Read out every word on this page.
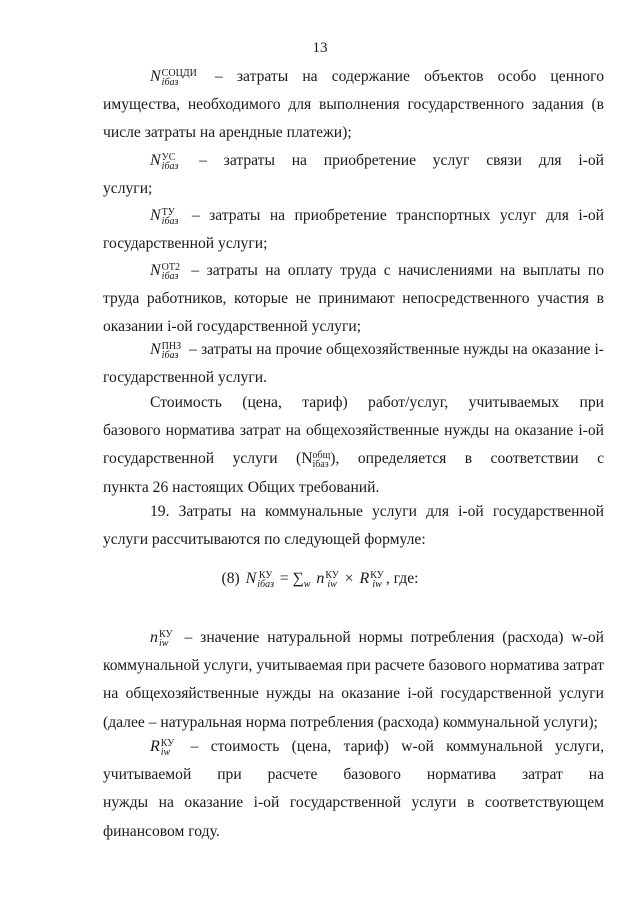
13
N СОЦДИ
iбаз	– затраты на содержание объектов особо ценного
имущества, необходимого для выполнения государственного задания (в
числе затраты на арендные платежи);
N УС
iбаз – затраты на приобретение услуг связи для i-ой
услуги;
N ТУ
iбаз – затраты на приобретение транспортных услуг для i-ой
государственной услуги;
N ОТ2
iбаз – затраты на оплату труда с начислениями на выплаты по
труда работников, которые не принимают непосредственного участия в
оказании i-ой государственной услуги;
N ПНЗ
iбаз – затраты на прочие общехозяйственные нужды на оказание i-
государственной услуги.
Стоимость (цена, тариф) работ/услуг, учитываемых при
базового норматива затрат на общехозяйственные нужды на оказание i-ой
государственной услуги (N общ
iбаз ), определяется в соответствии с
пункта 26 настоящих Общих требований.
19. Затраты на коммунальные услуги для i-ой государственной
услуги рассчитываются по следующей формуле:
(8) N КУ
iбаз = $\sum_w$ n КУ
iw × R КУ
iw , где:
n КУ
iw – значение натуральной нормы потребления (расхода) w-ой
коммунальной услуги, учитываемая при расчете базового норматива затрат
на общехозяйственные нужды на оказание i-ой государственной услуги
(далее – натуральная норма потребления (расхода) коммунальной услуги);
R КУ
iw – стоимость (цена, тариф) w-ой коммунальной услуги,
учитываемой при расчете базового норматива затрат на
нужды на оказание i-ой государственной услуги в соответствующем
финансовом году.
